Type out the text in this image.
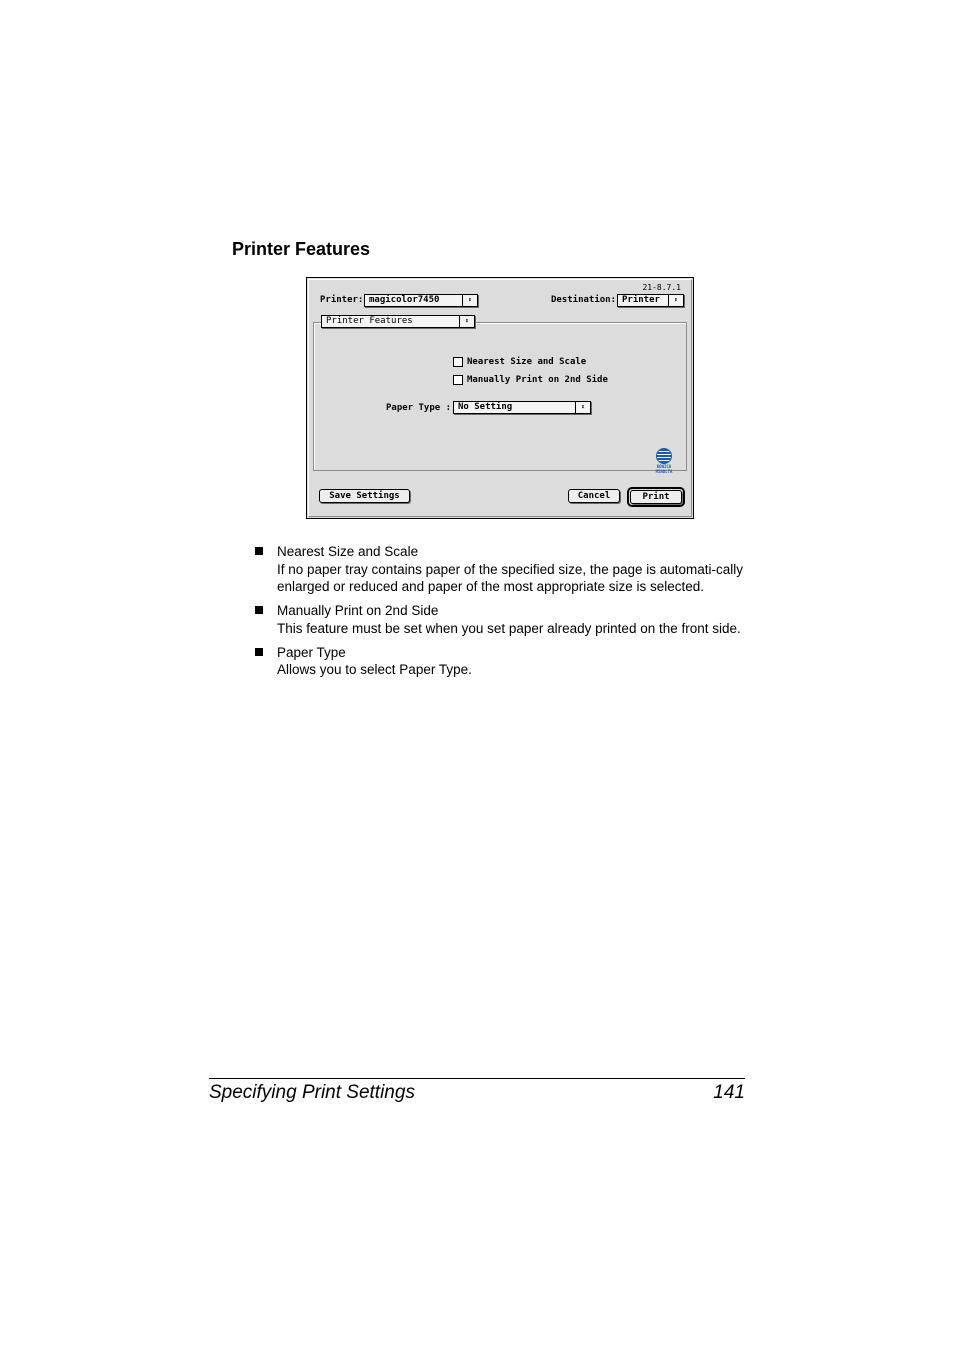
Printer Features
21-8.7.1
Printer: magicolor7450	⬍	Destination: Printer	⬍
Nearest Size and Scale
Manually Print on 2nd Side
Paper Type : No Setting	⬍
KONICA MINOLTA
Printer Features	⬍
Save Settings	Cancel	Print
Nearest Size and Scale
If no paper tray contains paper of the specified size, the page is automati-cally enlarged or reduced and paper of the most appropriate size is selected.
Manually Print on 2nd Side
This feature must be set when you set paper already printed on the front side.
Paper Type
Allows you to select Paper Type.
Specifying Print Settings	141
